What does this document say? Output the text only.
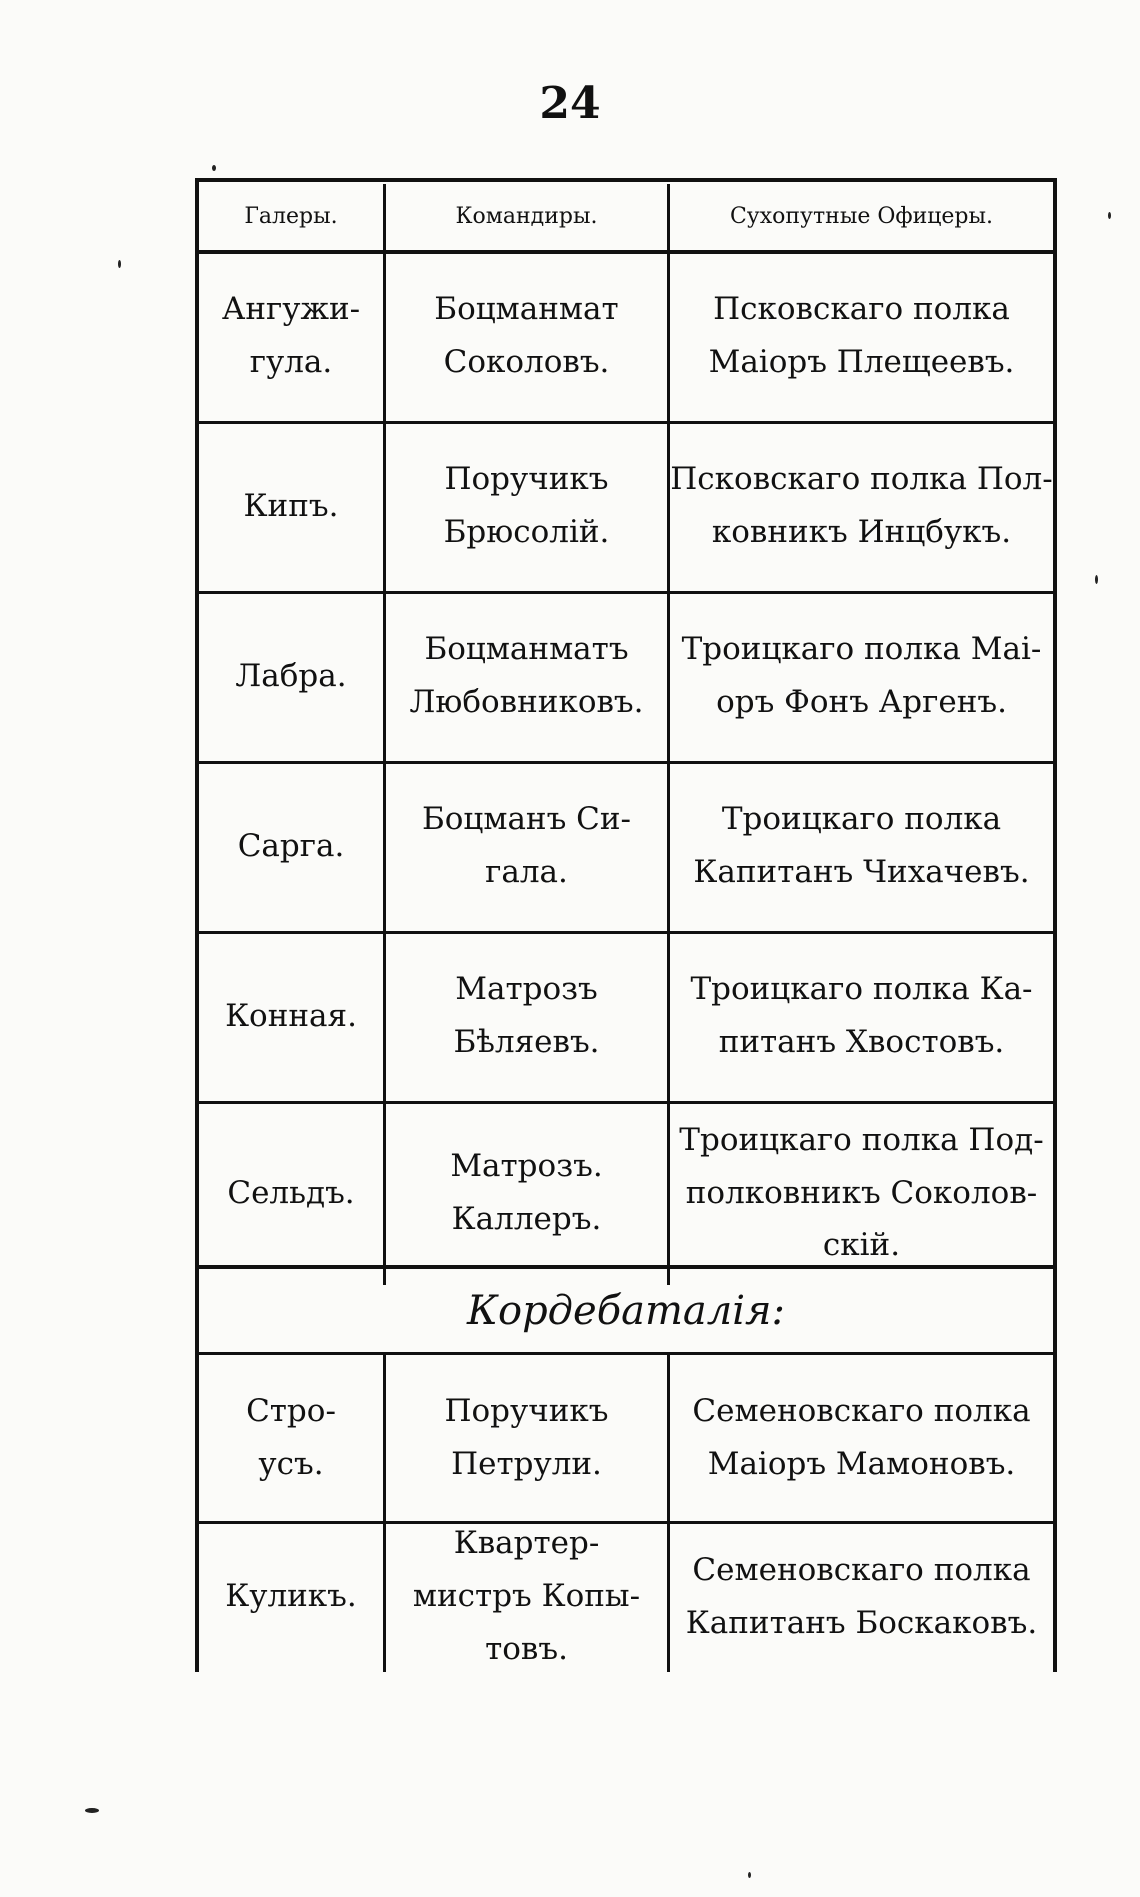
24
Галеры.	Командиры.	Сухопутные Офицеры.
Ангужи-
гула.
Боцманмат
Соколовъ.
Псковскаго полка
Маiоръ Плещеевъ.
Кипъ.
Поручикъ
Брюсолiй.
Псковскаго полка Пол-
ковникъ Инцбукъ.
Лабра.
Боцманматъ
Любовниковъ.
Троицкаго полка Маi-
оръ Фонъ Аргенъ.
Сарга.
Боцманъ Си-
гала.
Троицкаго полка
Капитанъ Чихачевъ.
Конная.
Матрозъ
Бѣляевъ.
Троицкаго полка Ка-
питанъ Хвостовъ.
Сельдъ.
Матрозъ.
Каллеръ.
Троицкаго полка Под-
полковникъ Соколов-
скiй.
Кордебаталiя:
Стро-
усъ.
Поручикъ
Петрули.
Семеновскаго полка
Маiоръ Мамоновъ.
Куликъ.
Квартер-
мистръ Копы-
товъ.
Семеновскаго полка
Капитанъ Боскаковъ.
